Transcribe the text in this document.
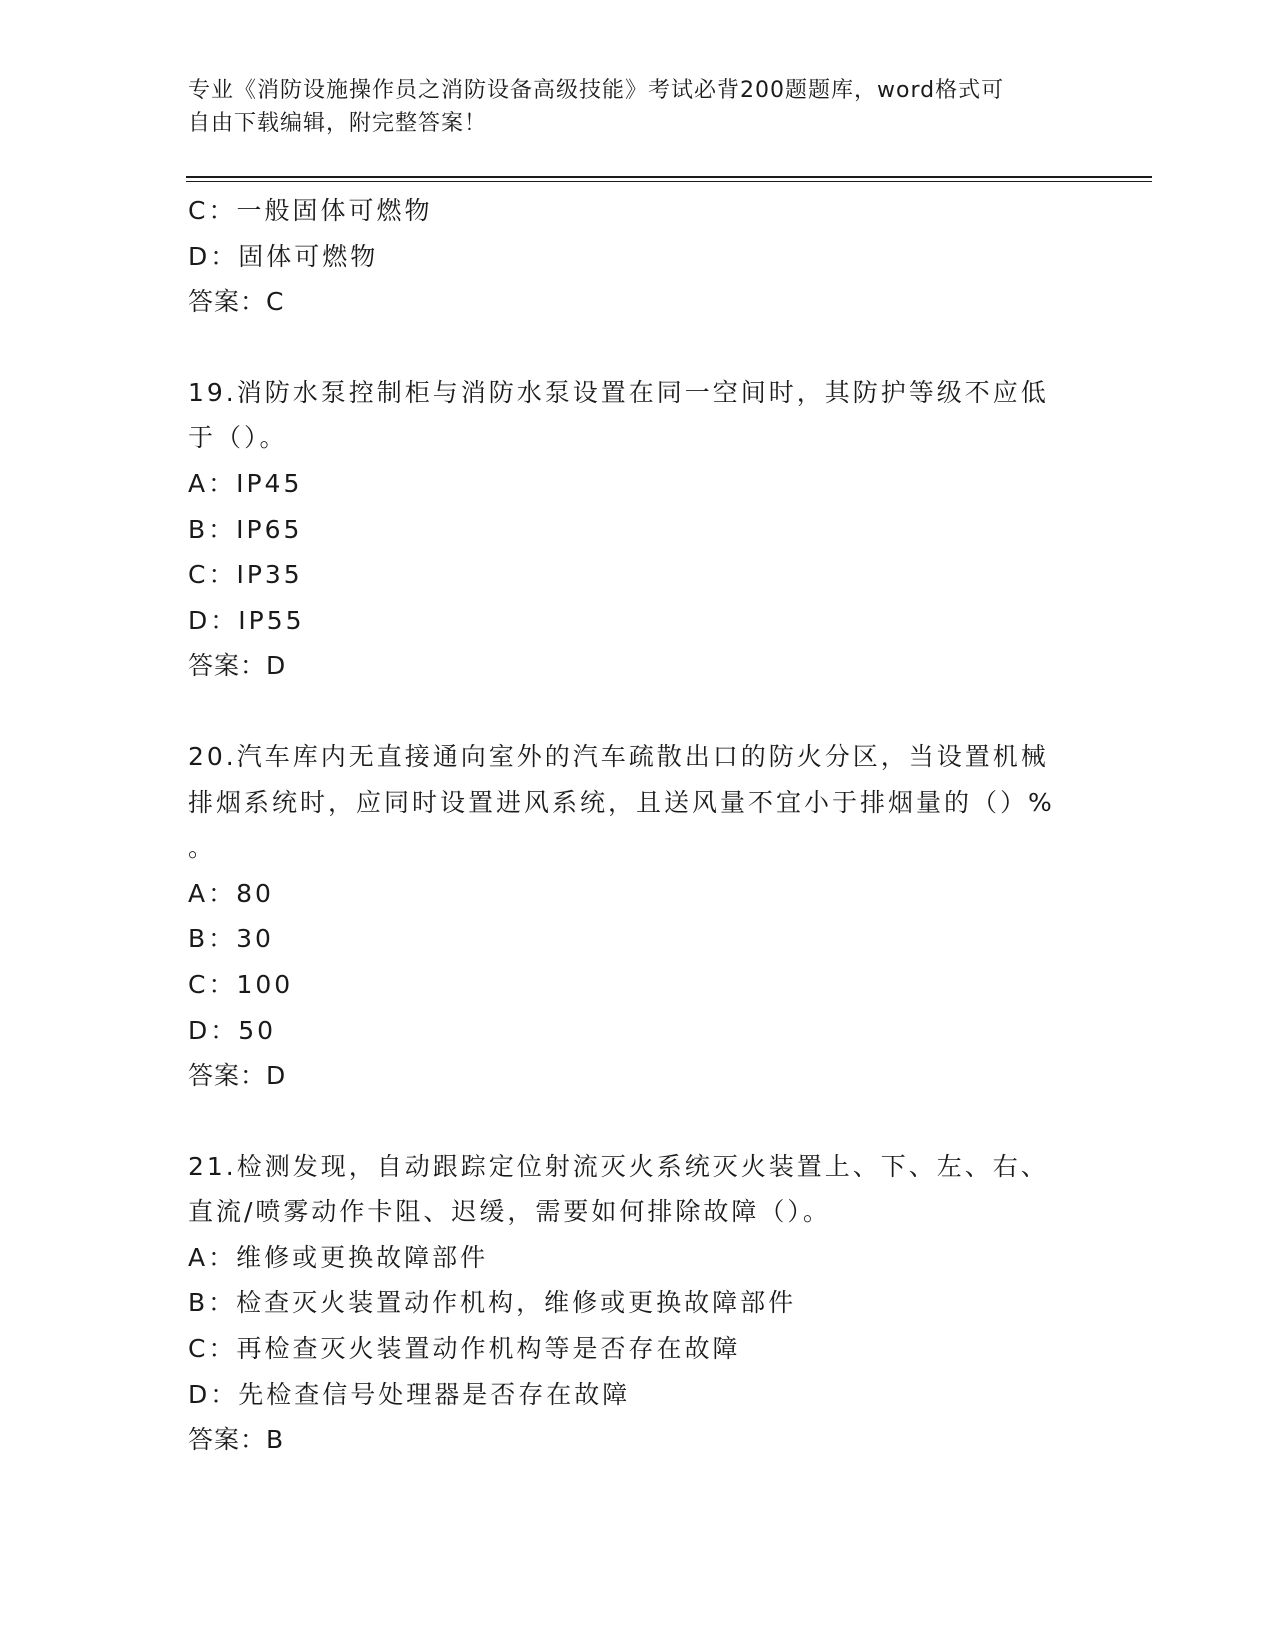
专业《消防设施操作员之消防设备高级技能》考试必背200题题库，word格式可
自由下载编辑，附完整答案！
C：一般固体可燃物
D：固体可燃物
答案：C
19.消防水泵控制柜与消防水泵设置在同一空间时，其防护等级不应低
于（）。
A：IP45
B：IP65
C：IP35
D：IP55
答案：D
20.汽车库内无直接通向室外的汽车疏散出口的防火分区，当设置机械
排烟系统时，应同时设置进风系统，且送风量不宜小于排烟量的（）%
。
A：80
B：30
C：100
D：50
答案：D
21.检测发现，自动跟踪定位射流灭火系统灭火装置上、下、左、右、
直流/喷雾动作卡阻、迟缓，需要如何排除故障（）。
A：维修或更换故障部件
B：检查灭火装置动作机构，维修或更换故障部件
C：再检查灭火装置动作机构等是否存在故障
D：先检查信号处理器是否存在故障
答案：B
